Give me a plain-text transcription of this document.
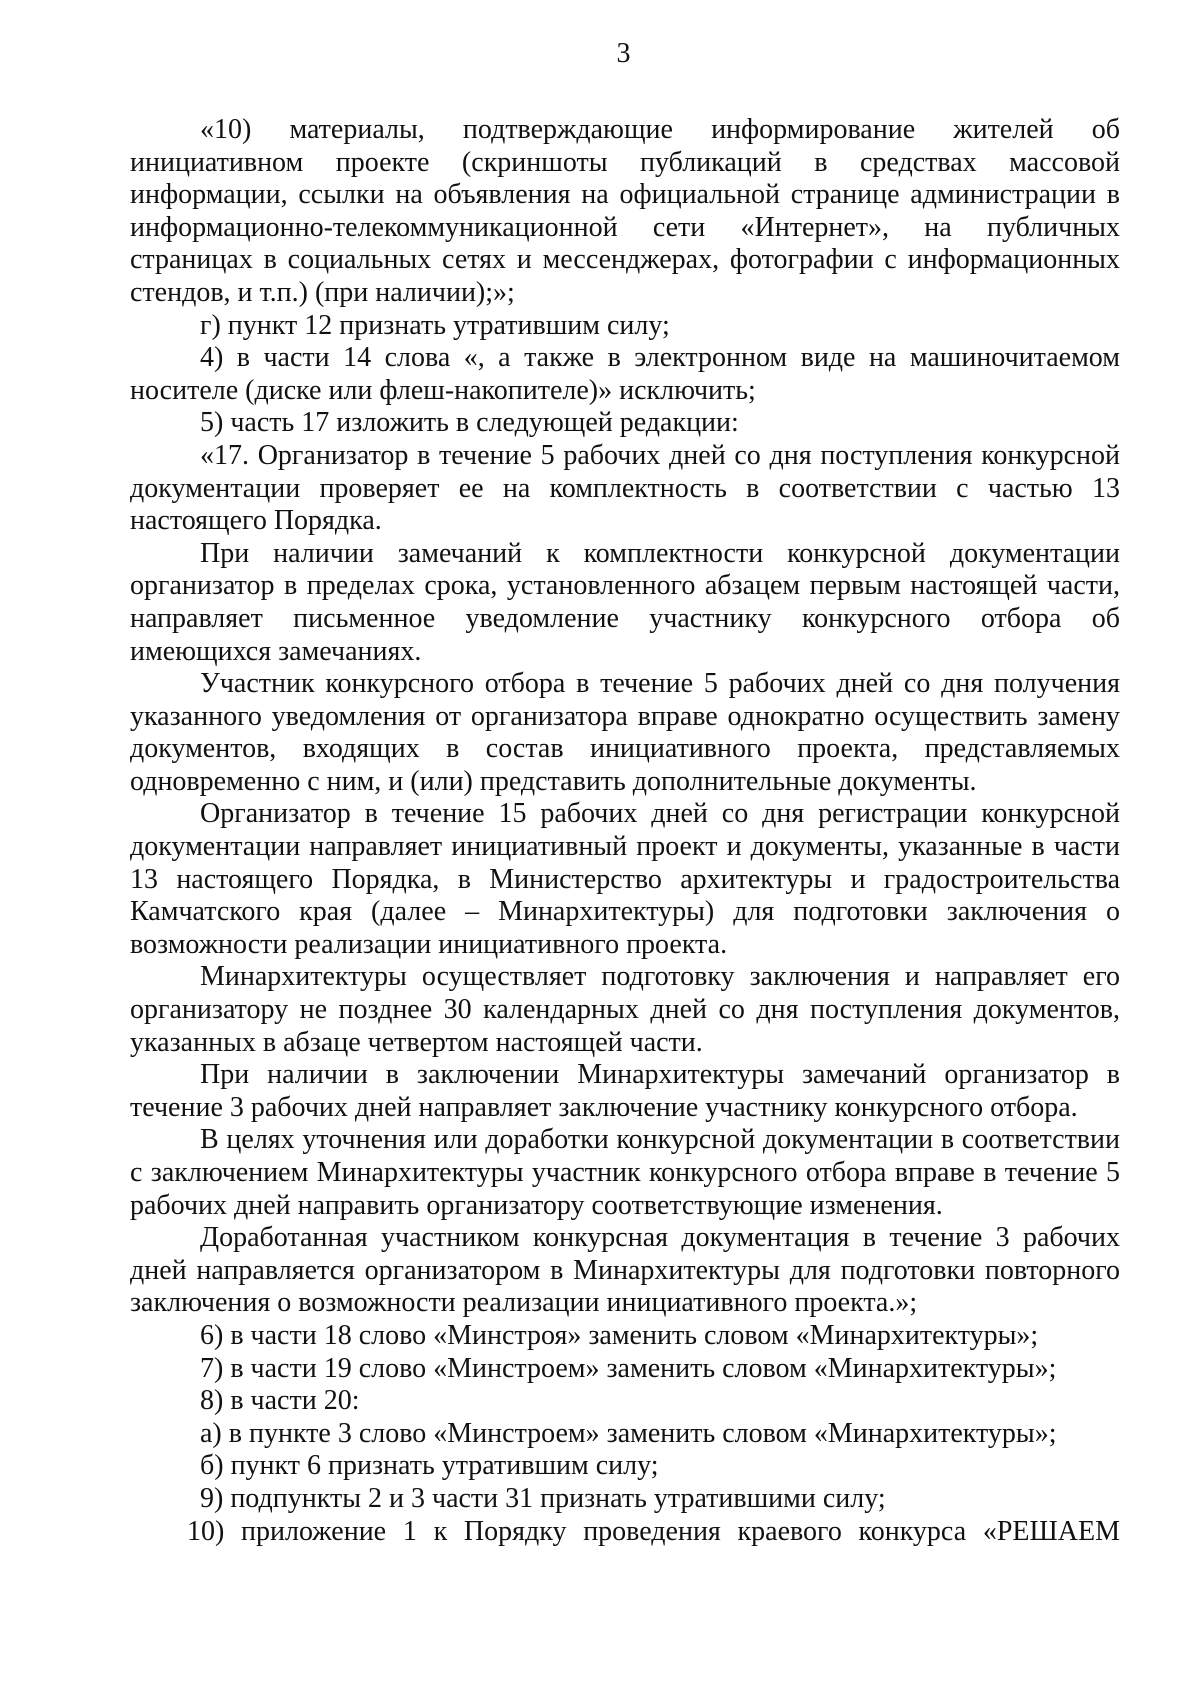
3

«10) материалы, подтверждающие информирование жителей об инициативном проекте (скриншоты публикаций в средствах массовой информации, ссылки на объявления на официальной странице администрации в информационно-телекоммуникационной сети «Интернет», на публичных страницах в социальных сетях и мессенджерах, фотографии с информационных стендов, и т.п.) (при наличии);»;

г) пункт 12 признать утратившим силу;

4) в части 14 слова «, а также в электронном виде на машиночитаемом носителе (диске или флеш-накопителе)» исключить;

5) часть 17 изложить в следующей редакции:

«17. Организатор в течение 5 рабочих дней со дня поступления конкурсной документации проверяет ее на комплектность в соответствии с частью 13 настоящего Порядка.

При наличии замечаний к комплектности конкурсной документации организатор в пределах срока, установленного абзацем первым настоящей части, направляет письменное уведомление участнику конкурсного отбора об имеющихся замечаниях.

Участник конкурсного отбора в течение 5 рабочих дней со дня получения указанного уведомления от организатора вправе однократно осуществить замену документов, входящих в состав инициативного проекта, представляемых одновременно с ним, и (или) представить дополнительные документы.

Организатор в течение 15 рабочих дней со дня регистрации конкурсной документации направляет инициативный проект и документы, указанные в части 13 настоящего Порядка, в Министерство архитектуры и градостроительства Камчатского края (далее – Минархитектуры) для подготовки заключения о возможности реализации инициативного проекта.

Минархитектуры осуществляет подготовку заключения и направляет его организатору не позднее 30 календарных дней со дня поступления документов, указанных в абзаце четвертом настоящей части.

При наличии в заключении Минархитектуры замечаний организатор в течение 3 рабочих дней направляет заключение участнику конкурсного отбора.

В целях уточнения или доработки конкурсной документации в соответствии с заключением Минархитектуры участник конкурсного отбора вправе в течение 5 рабочих дней направить организатору соответствующие изменения.

Доработанная участником конкурсная документация в течение 3 рабочих дней направляется организатором в Минархитектуры для подготовки повторного заключения о возможности реализации инициативного проекта.»;

6) в части 18 слово «Минстроя» заменить словом «Минархитектуры»;

7) в части 19 слово «Минстроем» заменить словом «Минархитектуры»;

8) в части 20:

а) в пункте 3 слово «Минстроем» заменить словом «Минархитектуры»;

б) пункт 6 признать утратившим силу;

9) подпункты 2 и 3 части 31 признать утратившими силу;

10) приложение 1 к Порядку проведения краевого конкурса «РЕШАЕМ
